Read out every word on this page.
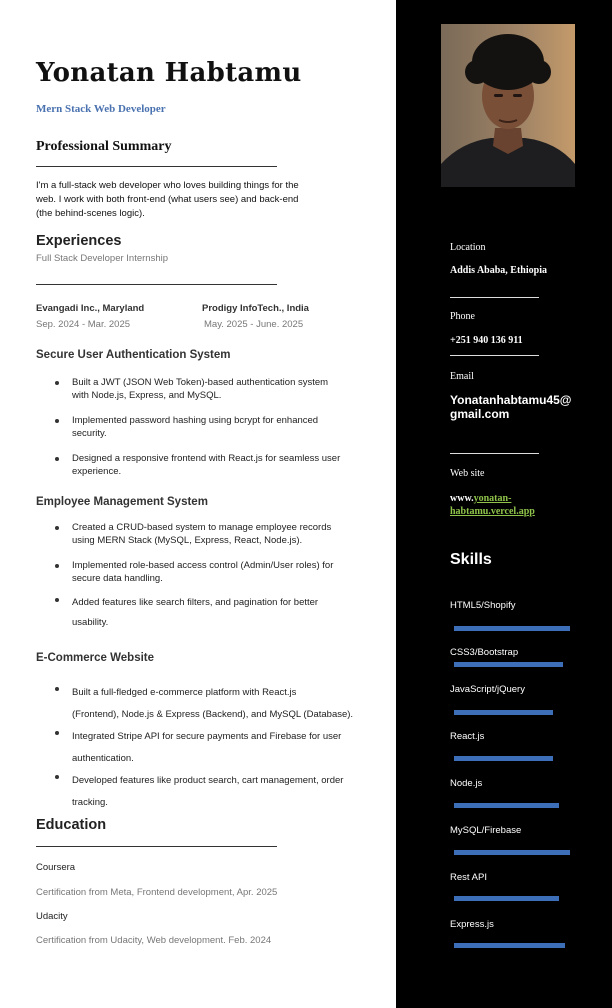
Yonatan Habtamu
Mern Stack Web Developer
Professional Summary
I'm a full-stack web developer who loves building things for the
web. I work with both front-end (what users see) and back-end
(the behind-scenes logic).
Experiences
Full Stack Developer Internship
Evangadi Inc., Maryland
Sep. 2024 - Mar. 2025
Prodigy InfoTech., India
May. 2025 - June. 2025
Secure User Authentication System
Built a JWT (JSON Web Token)-based authentication system
with Node.js, Express, and MySQL.
Implemented password hashing using bcrypt for enhanced
security.
Designed a responsive frontend with React.js for seamless user
experience.
Employee Management System
Created a CRUD-based system to manage employee records
using MERN Stack (MySQL, Express, React, Node.js).
Implemented role-based access control (Admin/User roles) for
secure data handling.
Added features like search filters, and pagination for better
usability.
E-Commerce Website
Built a full-fledged e-commerce platform with React.js
(Frontend), Node.js & Express (Backend), and MySQL (Database).
Integrated Stripe API for secure payments and Firebase for user
authentication.
Developed features like product search, cart management, order
tracking.
Education
Coursera
Certification from Meta, Frontend development, Apr. 2025
Udacity
Certification from Udacity, Web development. Feb. 2024
Location
Addis Ababa, Ethiopia
Phone
+251 940 136 911
Email
Yonatanhabtamu45@
gmail.com
Web site
www.yonatan-
habtamu.vercel.app
Skills
HTML5/Shopify
CSS3/Bootstrap
JavaScript/jQuery
React.js
Node.js
MySQL/Firebase
Rest API
Express.js
